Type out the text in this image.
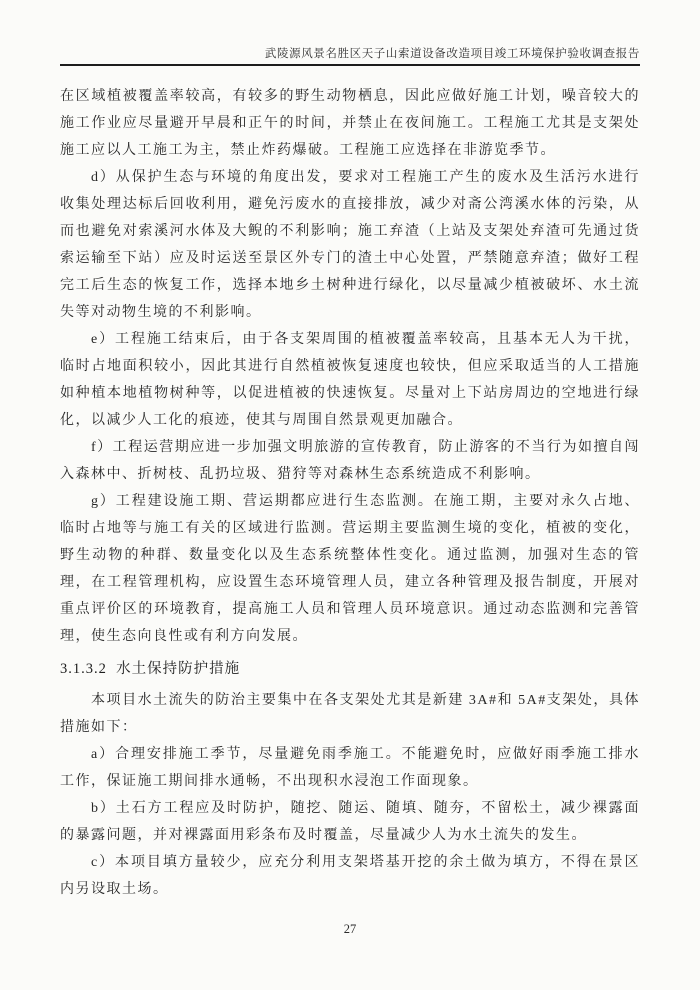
武陵源风景名胜区天子山索道设备改造项目竣工环境保护验收调查报告

在区域植被覆盖率较高，有较多的野生动物栖息，因此应做好施工计划，噪音较大的施工作业应尽量避开早晨和正午的时间，并禁止在夜间施工。工程施工尤其是支架处施工应以人工施工为主，禁止炸药爆破。工程施工应选择在非游览季节。

d）从保护生态与环境的角度出发，要求对工程施工产生的废水及生活污水进行收集处理达标后回收利用，避免污废水的直接排放，减少对斋公湾溪水体的污染，从而也避免对索溪河水体及大鲵的不利影响；施工弃渣（上站及支架处弃渣可先通过货索运输至下站）应及时运送至景区外专门的渣土中心处置，严禁随意弃渣；做好工程完工后生态的恢复工作，选择本地乡土树种进行绿化，以尽量减少植被破坏、水土流失等对动物生境的不利影响。

e）工程施工结束后，由于各支架周围的植被覆盖率较高，且基本无人为干扰，临时占地面积较小，因此其进行自然植被恢复速度也较快，但应采取适当的人工措施如种植本地植物树种等，以促进植被的快速恢复。尽量对上下站房周边的空地进行绿化，以减少人工化的痕迹，使其与周围自然景观更加融合。

f）工程运营期应进一步加强文明旅游的宣传教育，防止游客的不当行为如擅自闯入森林中、折树枝、乱扔垃圾、猎狩等对森林生态系统造成不利影响。

g）工程建设施工期、营运期都应进行生态监测。在施工期，主要对永久占地、临时占地等与施工有关的区域进行监测。营运期主要监测生境的变化，植被的变化，野生动物的种群、数量变化以及生态系统整体性变化。通过监测，加强对生态的管理，在工程管理机构，应设置生态环境管理人员，建立各种管理及报告制度，开展对重点评价区的环境教育，提高施工人员和管理人员环境意识。通过动态监测和完善管理，使生态向良性或有利方向发展。

3.1.3.2  水土保持防护措施

本项目水土流失的防治主要集中在各支架处尤其是新建 3A#和 5A#支架处，具体措施如下：

a）合理安排施工季节，尽量避免雨季施工。不能避免时，应做好雨季施工排水工作，保证施工期间排水通畅，不出现积水浸泡工作面现象。

b）土石方工程应及时防护，随挖、随运、随填、随夯，不留松土，减少裸露面的暴露问题，并对裸露面用彩条布及时覆盖，尽量减少人为水土流失的发生。

c）本项目填方量较少，应充分利用支架塔基开挖的余土做为填方，不得在景区内另设取土场。

27
